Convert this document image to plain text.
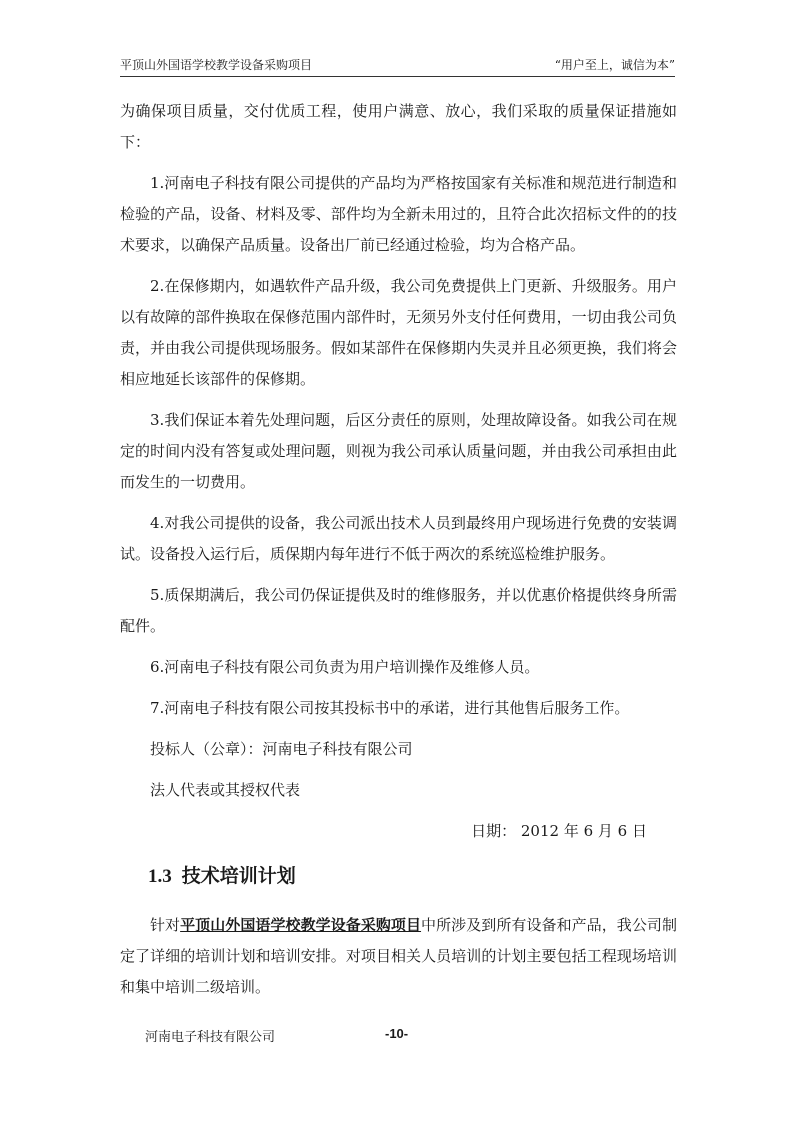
平顶山外国语学校教学设备采购项目	“用户至上，诚信为本”

为确保项目质量，交付优质工程，使用户满意、放心，我们采取的质量保证措施如下：

1.河南电子科技有限公司提供的产品均为严格按国家有关标准和规范进行制造和检验的产品，设备、材料及零、部件均为全新未用过的，且符合此次招标文件的的技术要求，以确保产品质量。设备出厂前已经通过检验，均为合格产品。

2.在保修期内，如遇软件产品升级，我公司免费提供上门更新、升级服务。用户以有故障的部件换取在保修范围内部件时，无须另外支付任何费用，一切由我公司负责，并由我公司提供现场服务。假如某部件在保修期内失灵并且必须更换，我们将会相应地延长该部件的保修期。

3.我们保证本着先处理问题，后区分责任的原则，处理故障设备。如我公司在规定的时间内没有答复或处理问题，则视为我公司承认质量问题，并由我公司承担由此而发生的一切费用。

4.对我公司提供的设备，我公司派出技术人员到最终用户现场进行免费的安装调试。设备投入运行后，质保期内每年进行不低于两次的系统巡检维护服务。

5.质保期满后，我公司仍保证提供及时的维修服务，并以优惠价格提供终身所需配件。

6.河南电子科技有限公司负责为用户培训操作及维修人员。

7.河南电子科技有限公司按其投标书中的承诺，进行其他售后服务工作。

投标人（公章）：河南电子科技有限公司

法人代表或其授权代表

日期： 2012 年 6 月 6 日
1.3 技术培训计划

针对平顶山外国语学校教学设备采购项目中所涉及到所有设备和产品，我公司制定了详细的培训计划和培训安排。对项目相关人员培训的计划主要包括工程现场培训和集中培训二级培训。

河南电子科技有限公司	-10-
